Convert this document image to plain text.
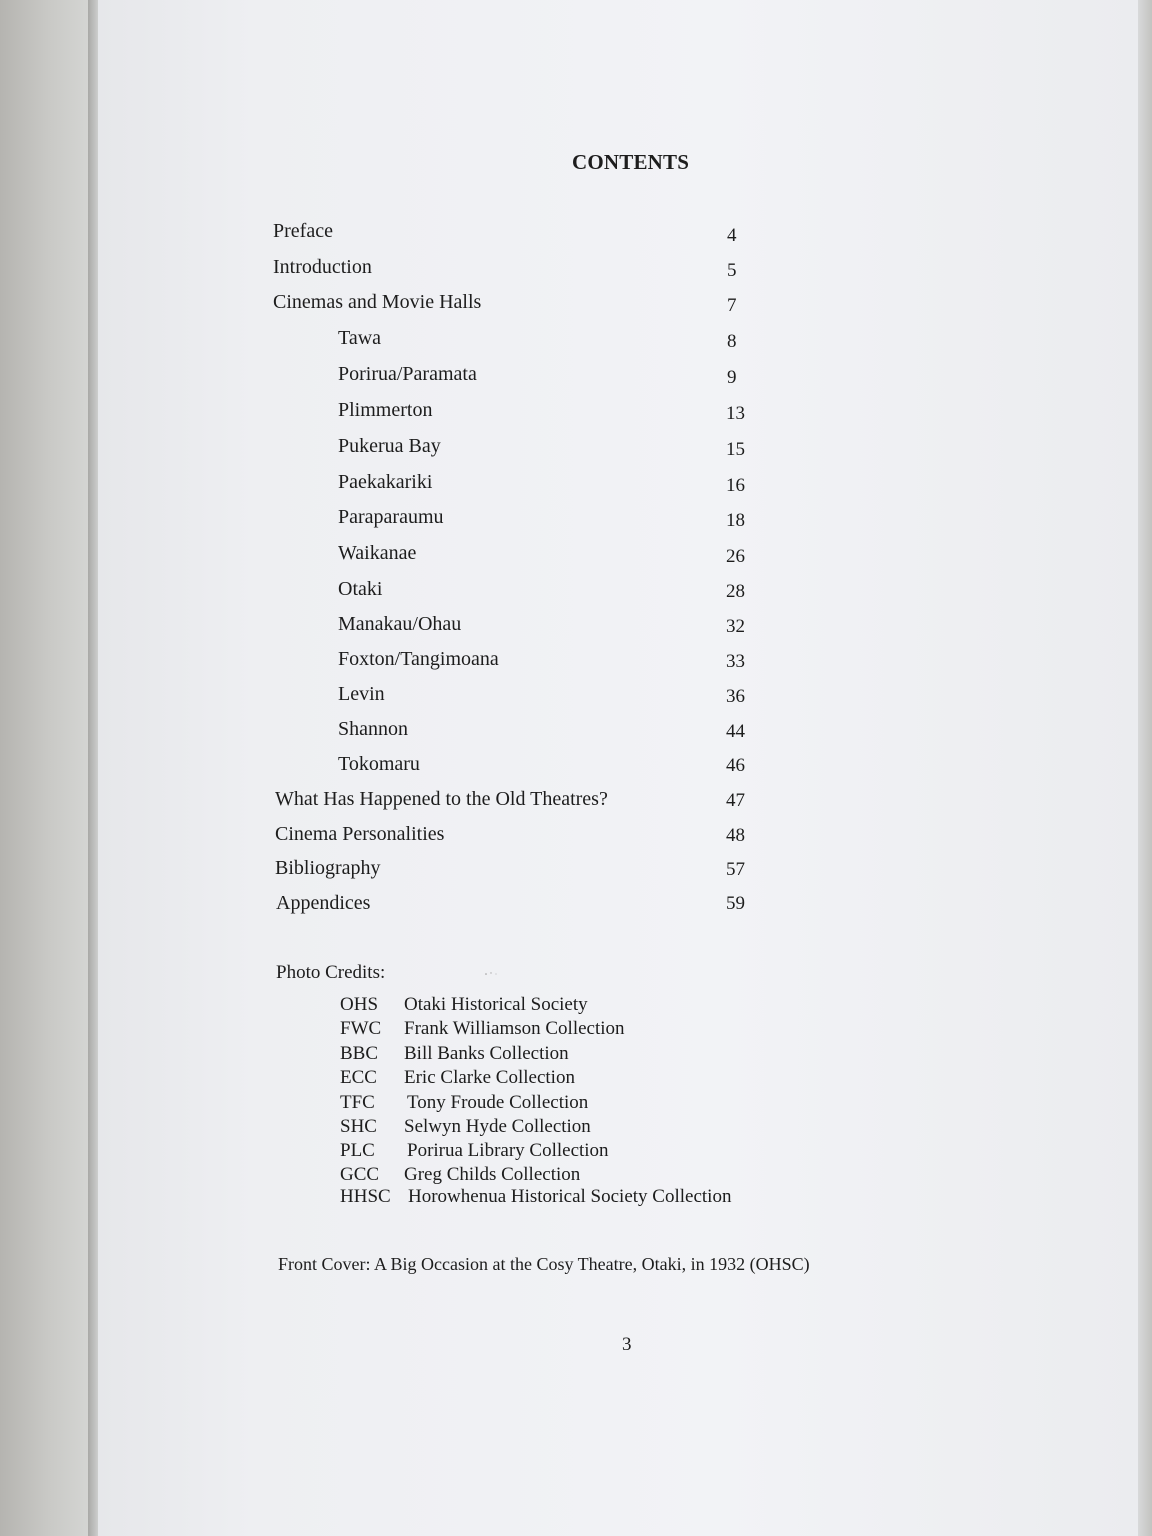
CONTENTS
Preface
Introduction
Cinemas and Movie Halls
Tawa
Porirua/Paramata
Plimmerton
Pukerua Bay
Paekakariki
Paraparaumu
Waikanae
Otaki
Manakau/Ohau
Foxton/Tangimoana
Levin
Shannon
Tokomaru
What Has Happened to the Old Theatres?
Cinema Personalities
Bibliography
Appendices
4
5
7
8
9
13
15
16
18
26
28
32
33
36
44
46
47
48
57
59
Photo Credits:
OHS Otaki Historical Society
FWC Frank Williamson Collection
BBC Bill Banks Collection
ECC Eric Clarke Collection
TFC Tony Froude Collection
SHC Selwyn Hyde Collection
PLC Porirua Library Collection
GCC Greg Childs Collection
HHSC Horowhenua Historical Society Collection
Front Cover: A Big Occasion at the Cosy Theatre, Otaki, in 1932 (OHSC)
3
